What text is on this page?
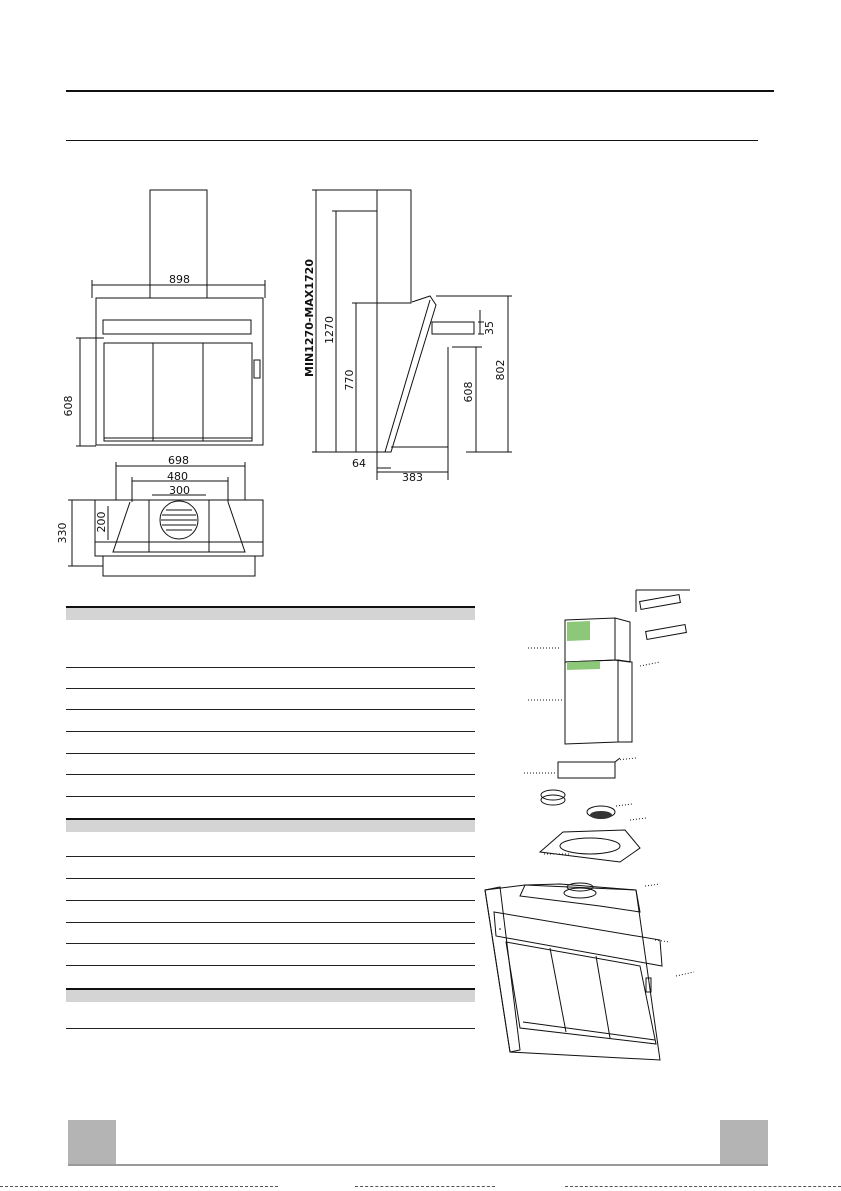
898
608
698
480
300
330
200
MIN1270-MAX1720 1270
770
35
608
802
64
383
